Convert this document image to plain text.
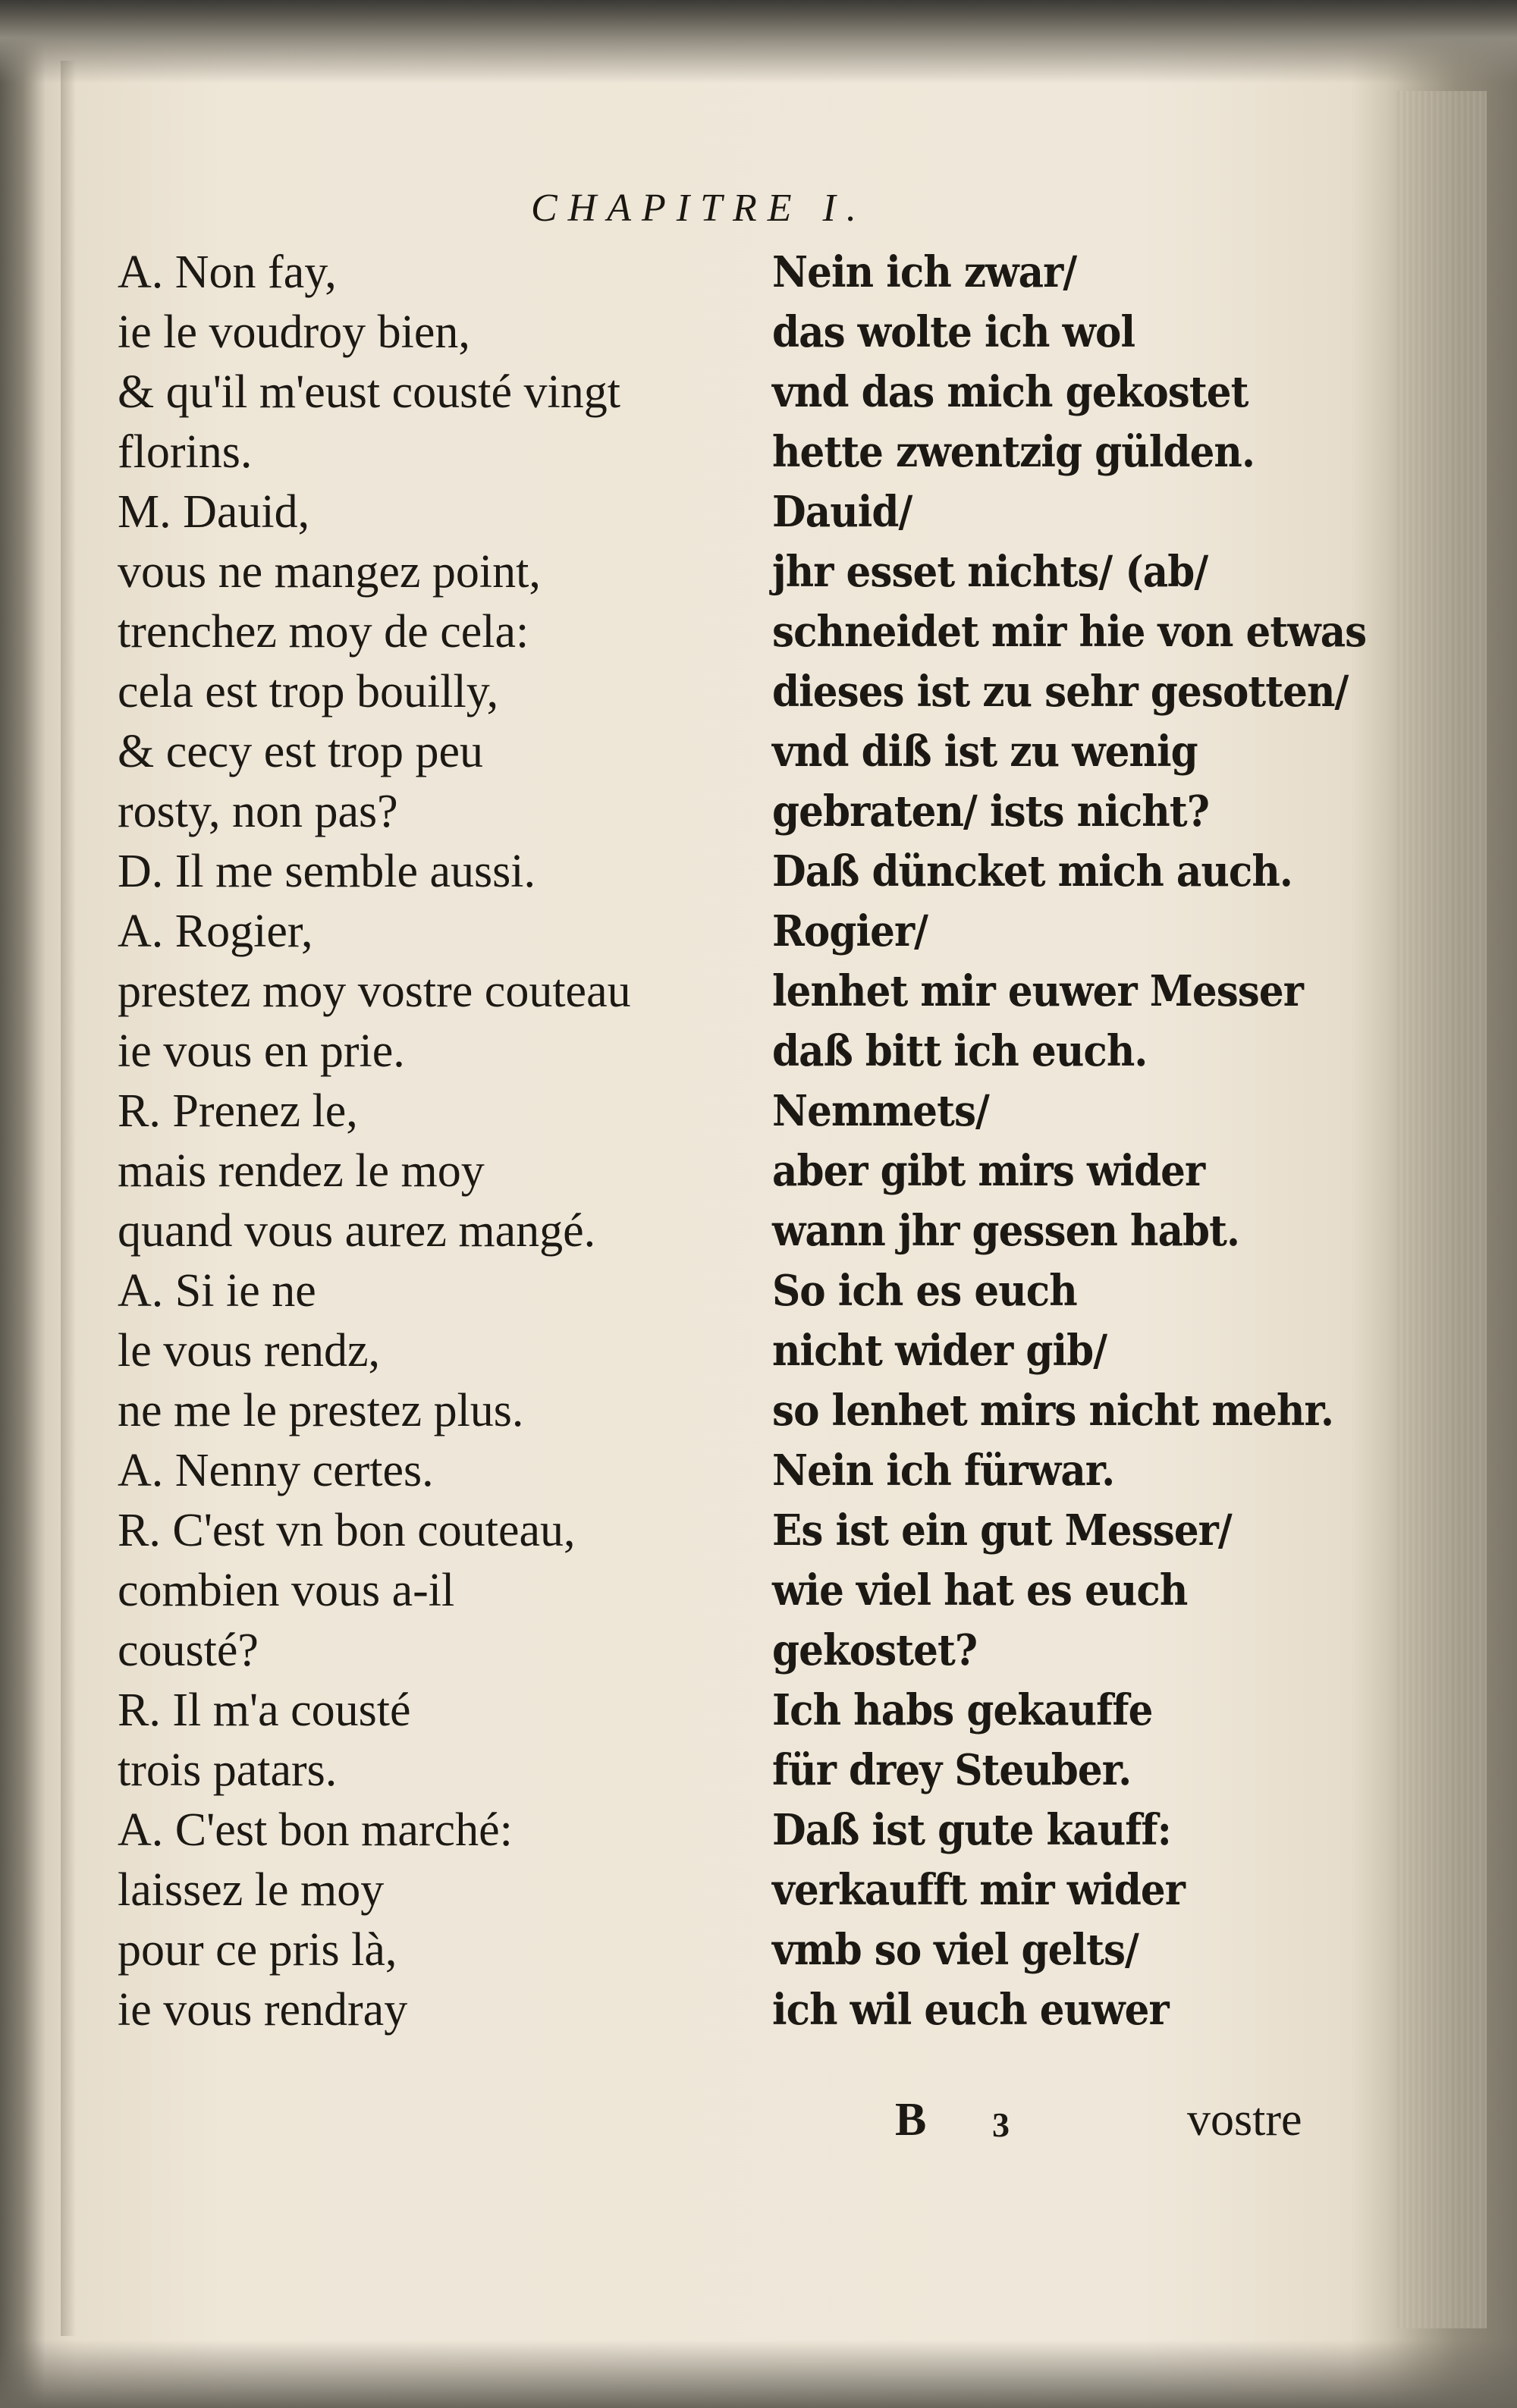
CHAPITRE I.
A. Non fay,
ie le voudroy bien,
& qu'il m'eust cousté vingt
florins.
M. Dauid,
vous ne mangez point,
trenchez moy de cela:
cela est trop bouilly,
& cecy est trop peu
rosty, non pas?
D. Il me semble aussi.
A. Rogier,
prestez moy vostre couteau
ie vous en prie.
R. Prenez le,
mais rendez le moy
quand vous aurez mangé.
A. Si ie ne
le vous rendz,
ne me le prestez plus.
A. Nenny certes.
R. C'est vn bon couteau,
combien vous a-il
cousté?
R. Il m'a cousté
trois patars.
A. C'est bon marché:
laissez le moy
pour ce pris là,
ie vous rendray
Nein ich zwar/
das wolte ich wol
vnd das mich gekostet
hette zwentzig gülden.
Dauid/
jhr esset nichts/ (ab/
schneidet mir hie von etwas
dieses ist zu sehr gesotten/
vnd diß ist zu wenig
gebraten/ ists nicht?
Daß düncket mich auch.
Rogier/
lenhet mir euwer Messer
daß bitt ich euch.
Nemmets/
aber gibt mirs wider
wann jhr gessen habt.
So ich es euch
nicht wider gib/
so lenhet mirs nicht mehr.
Nein ich fürwar.
Es ist ein gut Messer/
wie viel hat es euch
gekostet?
Ich habs gekauffe
für drey Steuber.
Daß ist gute kauff:
verkaufft mir wider
vmb so viel gelts/
ich wil euch euwer
B 3	vostre
